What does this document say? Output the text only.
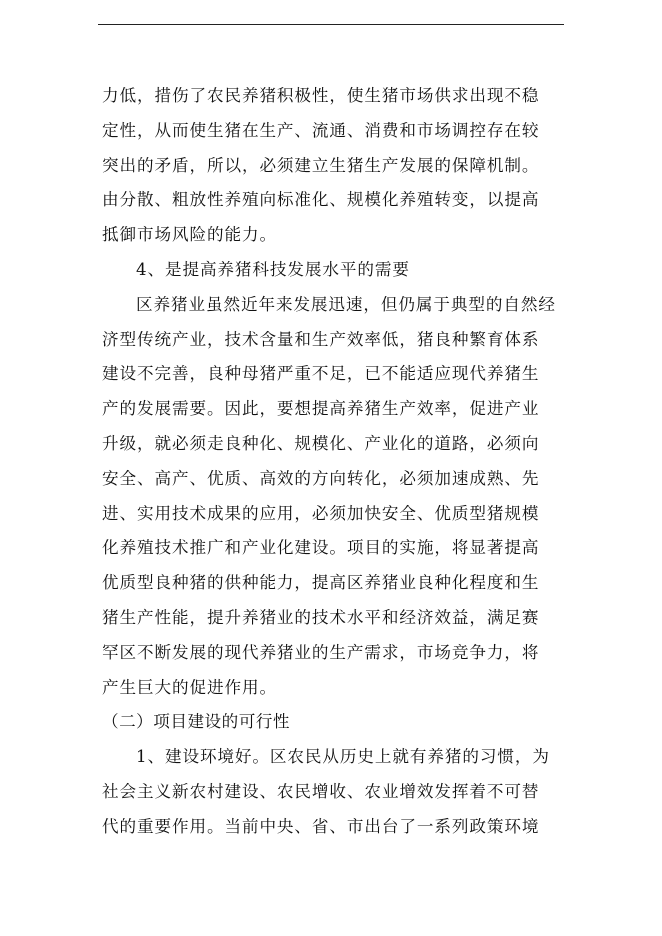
力低，措伤了农民养猪积极性，使生猪市场供求出现不稳
定性，从而使生猪在生产、流通、消费和市场调控存在较
突出的矛盾，所以，必须建立生猪生产发展的保障机制。
由分散、粗放性养殖向标准化、规模化养殖转变，以提高
抵御市场风险的能力。
4、是提高养猪科技发展水平的需要
区养猪业虽然近年来发展迅速，但仍属于典型的自然经
济型传统产业，技术含量和生产效率低，猪良种繁育体系
建设不完善，良种母猪严重不足，已不能适应现代养猪生
产的发展需要。因此，要想提高养猪生产效率，促进产业
升级，就必须走良种化、规模化、产业化的道路，必须向
安全、高产、优质、高效的方向转化，必须加速成熟、先
进、实用技术成果的应用，必须加快安全、优质型猪规模
化养殖技术推广和产业化建设。项目的实施，将显著提高
优质型良种猪的供种能力，提高区养猪业良种化程度和生
猪生产性能，提升养猪业的技术水平和经济效益，满足赛
罕区不断发展的现代养猪业的生产需求，市场竞争力，将
产生巨大的促进作用。
（二）项目建设的可行性
1、建设环境好。区农民从历史上就有养猪的习惯，为
社会主义新农村建设、农民增收、农业增效发挥着不可替
代的重要作用。当前中央、省、市出台了一系列政策环境
